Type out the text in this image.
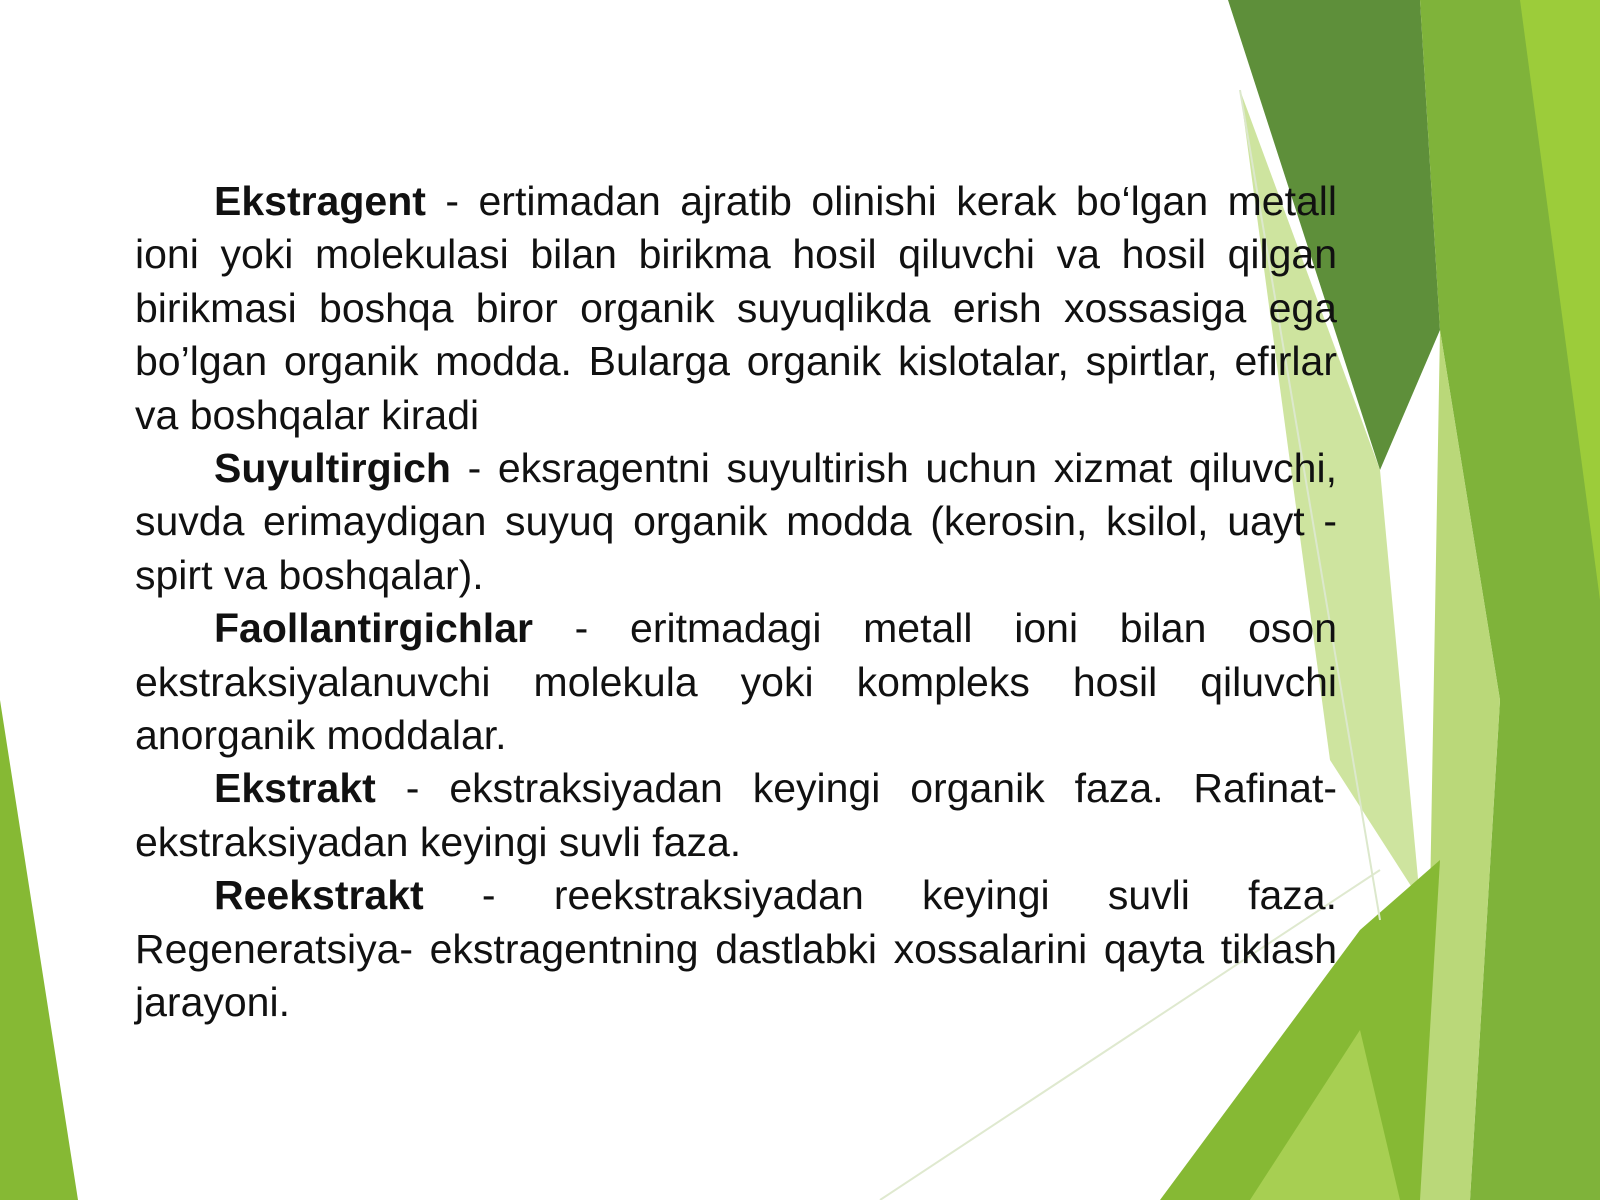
Ekstragent - ertimadan ajratib olinishi kerak bo‘lgan metall ioni yoki molekulasi bilan birikma hosil qiluvchi va hosil qilgan birikmasi boshqa biror organik suyuqlikda erish xossasiga ega bo’lgan organik modda. Bularga organik kislotalar, spirtlar, efirlar va boshqalar kiradi

Suyultirgich - eksragentni suyultirish uchun xizmat qiluvchi, suvda erimaydigan suyuq organik modda (kerosin, ksilol, uayt - spirt va boshqalar).

Faollantirgichlar - eritmadagi metall ioni bilan oson ekstraksiyalanuvchi molekula yoki kompleks hosil qiluvchi anorganik moddalar.

Ekstrakt - ekstraksiyadan keyingi organik faza. Rafinat-ekstraksiyadan keyingi suvli faza.

Reekstrakt - reekstraksiyadan keyingi suvli faza. Regeneratsiya- ekstragentning dastlabki xossalarini qayta tiklash jarayoni.
